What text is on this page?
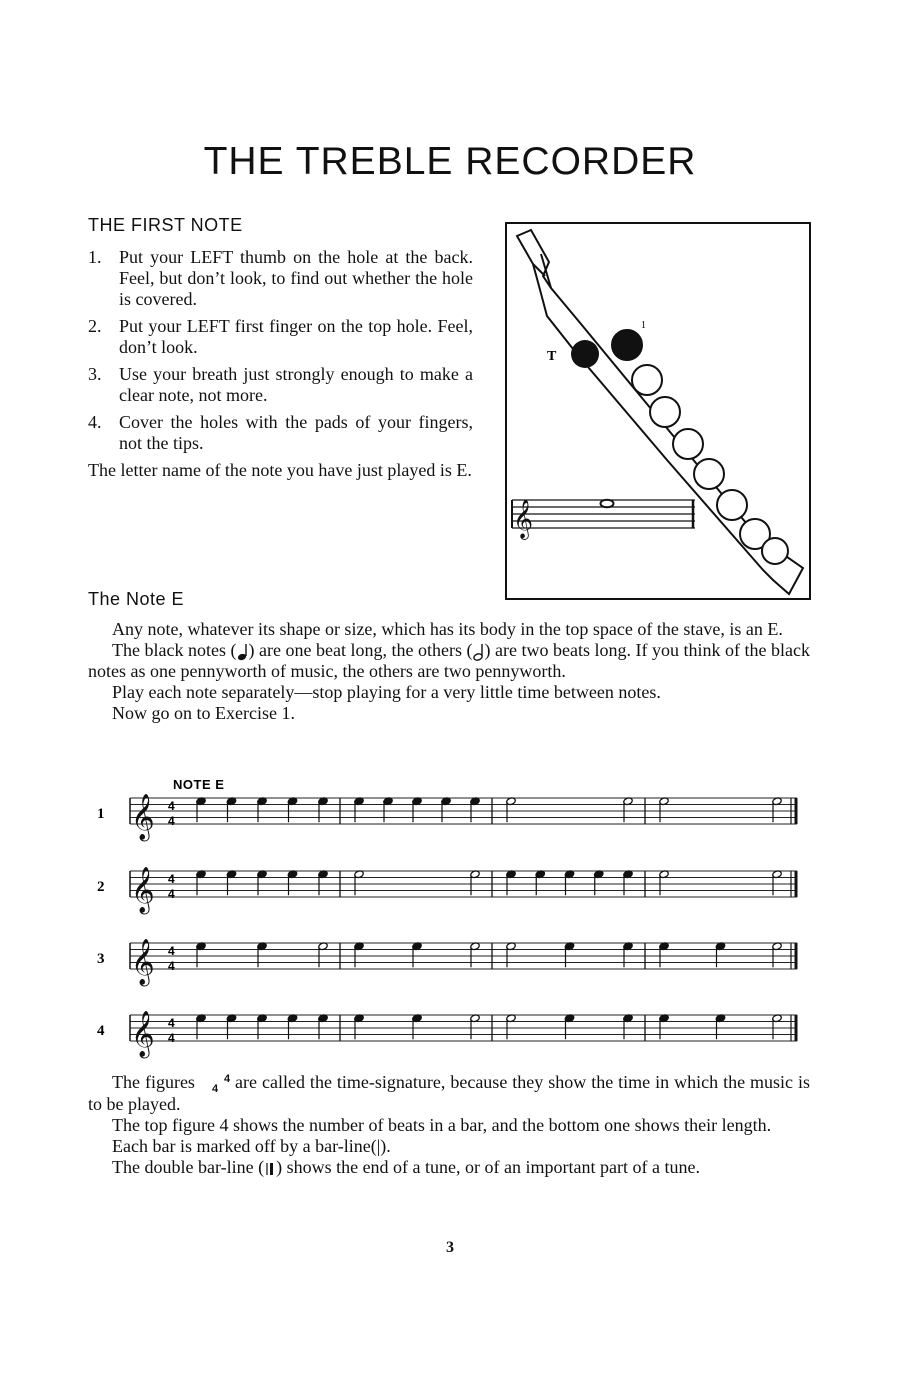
THE TREBLE RECORDER
THE FIRST NOTE
1. Put your LEFT thumb on the hole at the back. Feel, but don’t look, to find out whether the hole is covered.
2. Put your LEFT first finger on the top hole. Feel, don’t look.
3. Use your breath just strongly enough to make a clear note, not more.
4. Cover the holes with the pads of your fingers, not the tips.
The letter name of the note you have just played is E.
T
1
𝄞
The Note E

Any note, whatever its shape or size, which has its body in the top space of the stave, is an E.

The black notes ( ) are one beat long, the others ( ) are two beats long. If you think of the black notes as one pennyworth of music, the others are two pennyworth.

Play each note separately—stop playing for a very little time between notes.

Now go on to Exercise 1.

NOTE E
1 𝄞 4
4
2 𝄞 4
4
3 𝄞 4
4
4 𝄞 4
4

The figures	4
4 are called the time-signature, because they show the time in which the music is to be played.

The top figure 4 shows the number of beats in a bar, and the bottom one shows their length.

Each bar is marked off by a bar-line(|).

The double bar-line ( ) shows the end of a tune, or of an important part of a tune.

3
